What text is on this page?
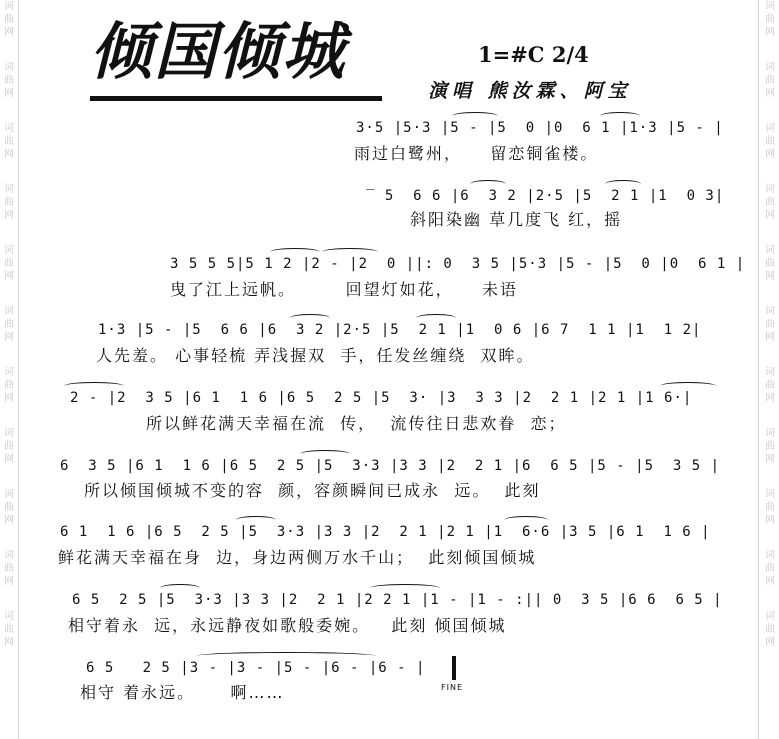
词
曲
网
词
曲
网
词
曲
网
词
曲
网
词
曲
网
词
曲
网
词
曲
网
词
曲
网
词
曲
网
词
曲
网
词
曲
网
词
曲
网
词
曲
网
词
曲
网
词
曲
网
词
曲
网
词
曲
网
词
曲
网
词
曲
网
词
曲
网
词
曲
网
词
曲
网
倾国倾城	1=#C 2/4
演唱 熊汝霖、阿宝
3·5 |5·3 |5 - |5  0 |0  6 1 |1·3 |5 - |
雨过白鹭州，    留恋铜雀楼。
‾ 5  6 6 |6  3 2 |2·5 |5  2 1 |1  0 3|
斜阳染幽 草几度飞 红，摇
3 5 5 5|5 1 2 |2 - |2  0 ||: 0  3 5 |5·3 |5 - |5  0 |0  6 1 |
曳了江上远帆。       回望灯如花，    未语
1·3 |5 - |5  6 6 |6  3 2 |2·5 |5  2 1 |1  0 6 |6 7  1 1 |1  1 2|
人先羞。 心事轻梳 弄浅握双  手，任发丝缠绕  双眸。
2 - |2  3 5 |6 1  1 6 |6 5  2 5 |5  3· |3  3 3 |2  2 1 |2 1 |1 6·|
所以鲜花满天幸福在流  传，  流传往日悲欢眷  恋；
6  3 5 |6 1  1 6 |6 5  2 5 |5  3·3 |3 3 |2  2 1 |6  6 5 |5 - |5  3 5 |
所以倾国倾城不变的容  颜，容颜瞬间已成永  远。  此刻
6 1  1 6 |6 5  2 5 |5  3·3 |3 3 |2  2 1 |2 1 |1  6·6 |3 5 |6 1  1 6 |
鲜花满天幸福在身  边，身边两侧万水千山；  此刻倾国倾城
6 5  2 5 |5  3·3 |3 3 |2  2 1 |2 2 1 |1 - |1 - :|| 0  3 5 |6 6  6 5 |
相守着永  远，永远静夜如歌般委婉。   此刻 倾国倾城
6 5   2 5 |3 - |3 - |5 - |6 - |6 - |
相守 着永远。     啊……	FINE
